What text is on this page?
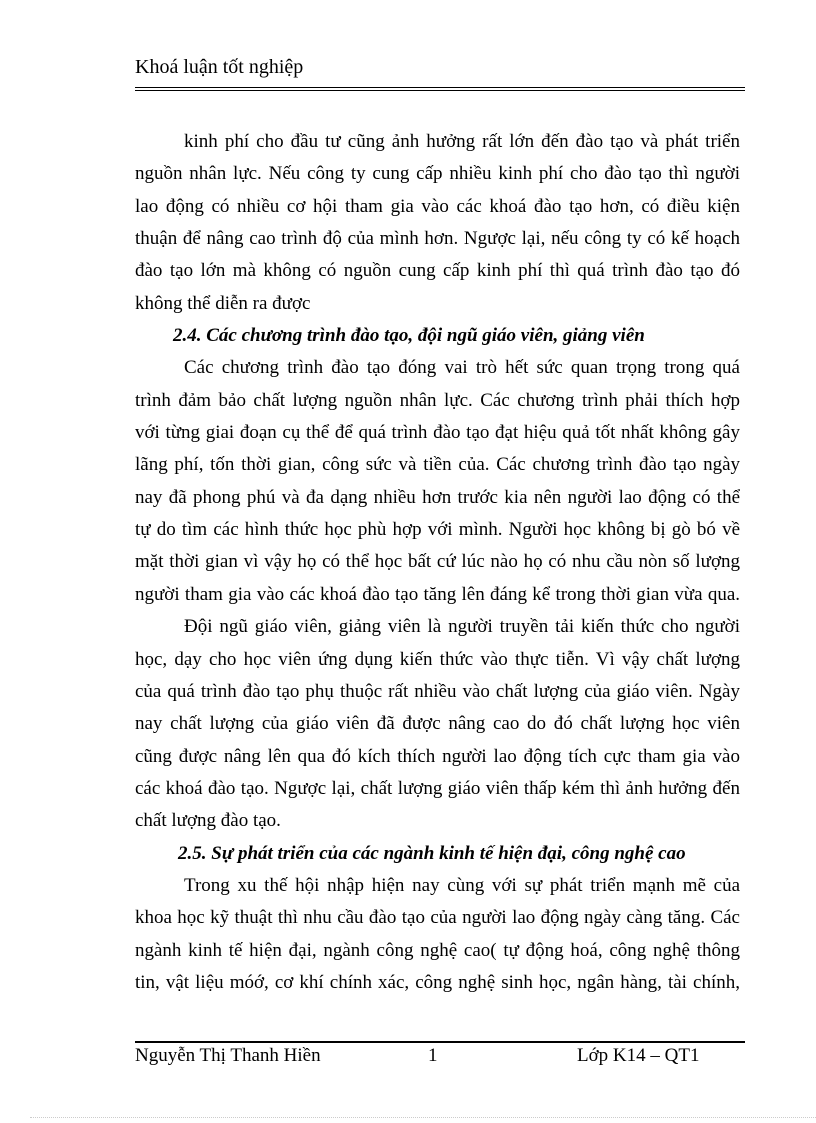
Khoá luận tốt nghiệp
kinh phí cho đầu tư cũng ảnh hưởng rất lớn đến đào tạo và phát triển
nguồn nhân lực. Nếu công ty cung cấp nhiều kinh phí cho đào tạo thì người
lao động có nhiều cơ hội tham gia vào các khoá đào tạo hơn, có điều kiện
thuận để nâng cao trình độ của mình hơn. Ngược lại, nếu công ty có kế hoạch
đào tạo lớn mà không có nguồn cung cấp kinh phí thì quá trình đào tạo đó
không thể diễn ra được
2.4. Các chương trình đào tạo, đội ngũ giáo viên, giảng viên
Các chương trình đào tạo đóng vai trò hết sức quan trọng trong quá
trình đảm bảo chất lượng nguồn nhân lực. Các chương trình phải thích hợp
với từng giai đoạn cụ thể để quá trình đào tạo đạt hiệu quả tốt nhất không gây
lãng phí, tốn thời gian, công sức và tiền của. Các chương trình đào tạo ngày
nay đã phong phú và đa dạng nhiều hơn trước kia nên người lao động có thể
tự do tìm các hình thức học phù hợp với mình. Người học không bị gò bó về
mặt thời gian vì vậy họ có thể học bất cứ lúc nào họ có nhu cầu nòn số lượng
người tham gia vào các khoá đào tạo tăng lên đáng kể trong thời gian vừa qua.
Đội ngũ giáo viên, giảng viên là người truyền tải kiến thức cho người
học, dạy cho học viên ứng dụng kiến thức vào thực tiễn. Vì vậy chất lượng
của quá trình đào tạo phụ thuộc rất nhiều vào chất lượng của giáo viên. Ngày
nay chất lượng của giáo viên đã được nâng cao do đó chất lượng học viên
cũng được nâng lên qua đó kích thích người lao động tích cực tham gia vào
các khoá đào tạo. Ngược lại, chất lượng giáo viên thấp kém thì ảnh hưởng đến
chất lượng đào tạo.
2.5. Sự phát triển của các ngành kinh tế hiện đại, công nghệ cao
Trong xu thế hội nhập hiện nay cùng với sự phát triển mạnh mẽ của
khoa học kỹ thuật thì nhu cầu đào tạo của người lao động ngày càng tăng. Các
ngành kinh tế hiện đại, ngành công nghệ cao( tự động hoá, công nghệ thông
tin, vật liệu móớ, cơ khí chính xác, công nghệ sinh học, ngân hàng, tài chính,
Nguyễn Thị Thanh Hiền	1	Lớp K14 – QT1
